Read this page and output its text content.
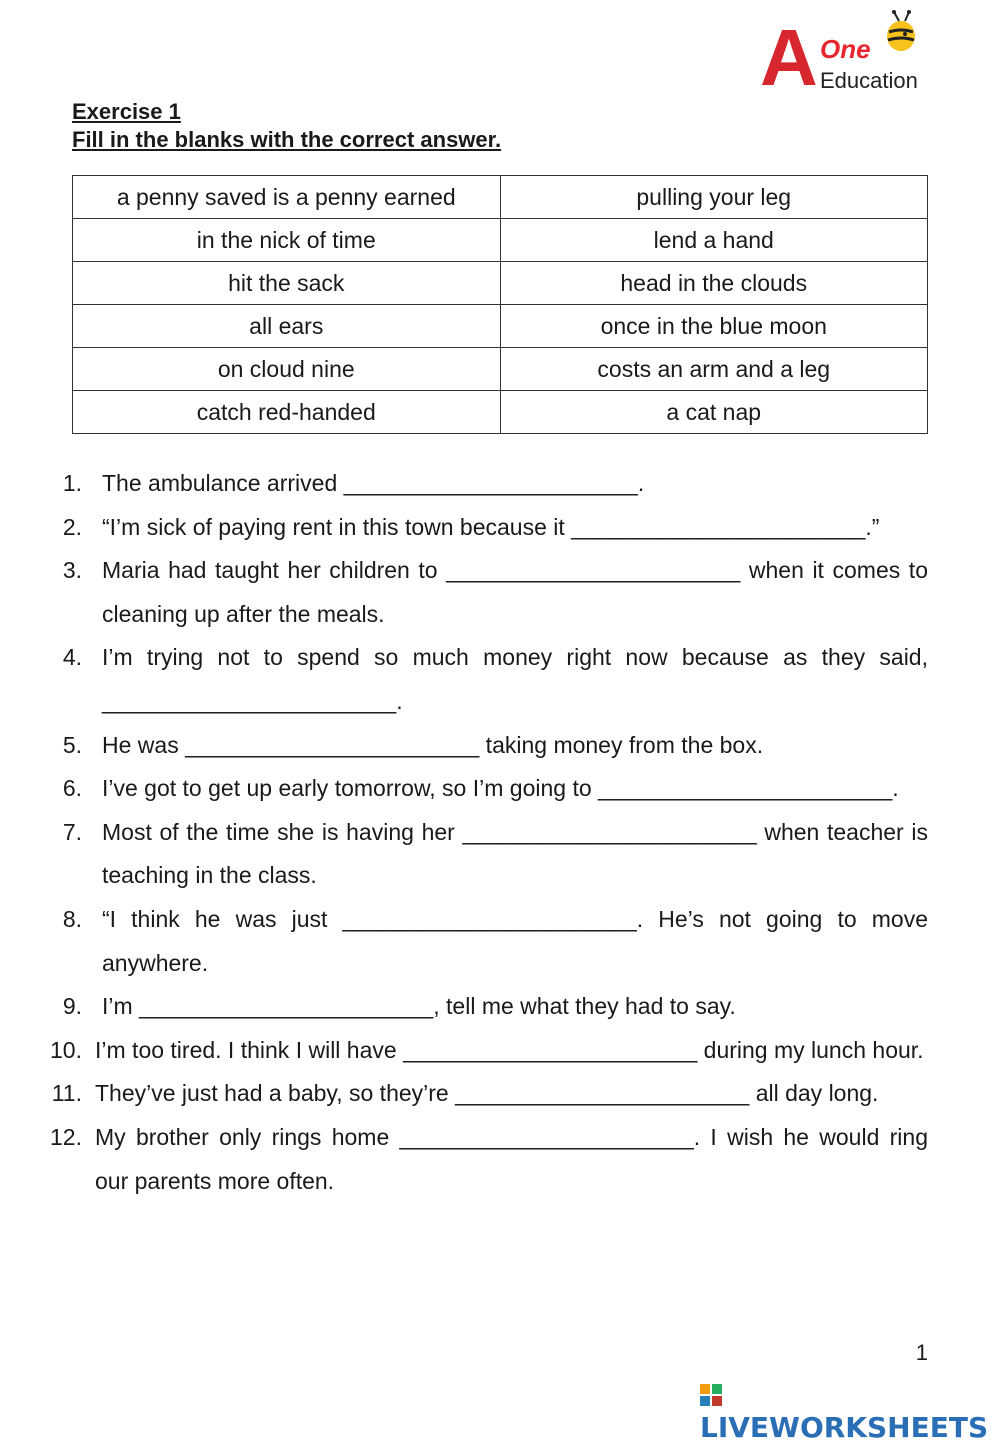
A One
Education
Exercise 1
Fill in the blanks with the correct answer.
a penny saved is a penny earned	pulling your leg
in the nick of time	lend a hand
hit the sack	head in the clouds
all ears	once in the blue moon
on cloud nine	costs an arm and a leg
catch red-handed	a cat nap
1. The ambulance arrived _______________________.
2. “I’m sick of paying rent in this town because it _______________________.”
3. Maria had taught her children to _______________________ when it comes to cleaning up after the meals.
4. I’m trying not to spend so much money right now because as they said, _______________________.
5. He was _______________________ taking money from the box.
6. I’ve got to get up early tomorrow, so I’m going to _______________________.
7. Most of the time she is having her _______________________ when teacher is teaching in the class.
8. “I think he was just _______________________. He’s not going to move anywhere.
9. I’m _______________________, tell me what they had to say.
10. I’m too tired. I think I will have _______________________ during my lunch hour.
11. They’ve just had a baby, so they’re _______________________ all day long.
12. My brother only rings home _______________________. I wish he would ring our parents more often.
1
LIVEWORKSHEETS
